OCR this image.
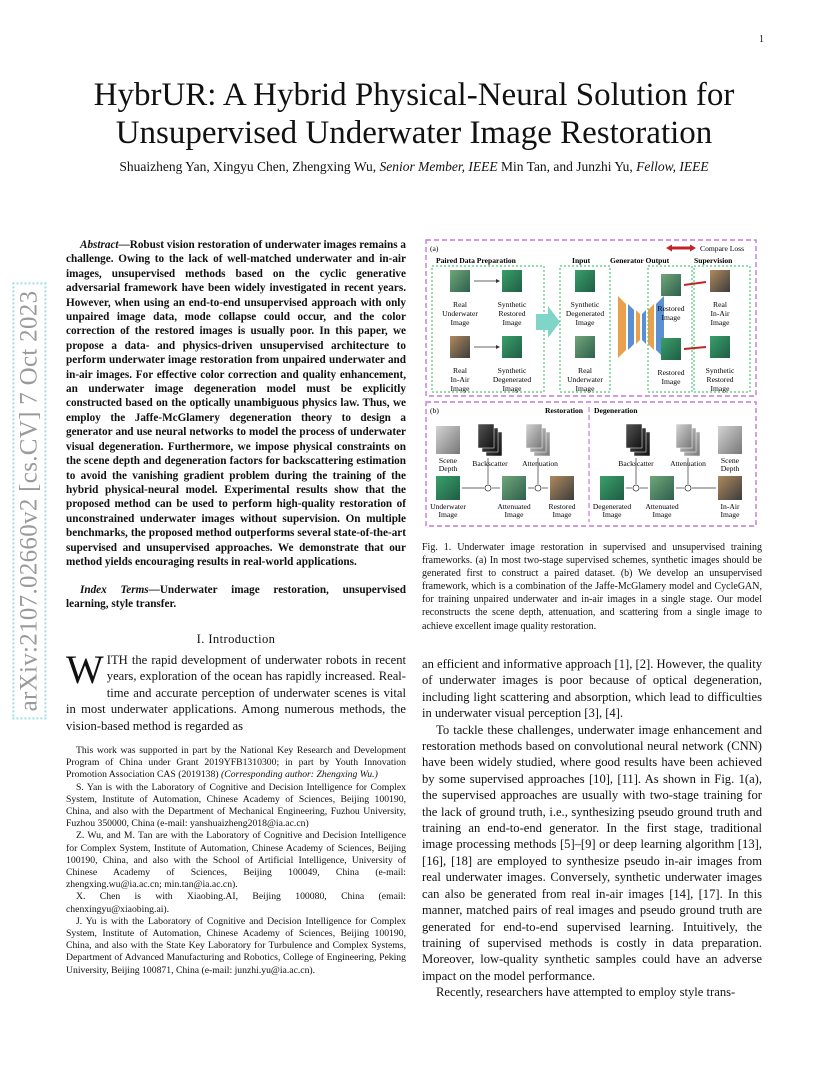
1
arXiv:2107.02660v2 [cs.CV] 7 Oct 2023
HybrUR: A Hybrid Physical-Neural Solution for
Unsupervised Underwater Image Restoration
Shuaizheng Yan, Xingyu Chen, Zhengxing Wu, Senior Member, IEEE Min Tan, and Junzhi Yu, Fellow, IEEE
Abstract—Robust vision restoration of underwater images remains a challenge. Owing to the lack of well-matched underwater and in-air images, unsupervised methods based on the cyclic generative adversarial framework have been widely investigated in recent years. However, when using an end-to-end unsupervised approach with only unpaired image data, mode collapse could occur, and the color correction of the restored images is usually poor. In this paper, we propose a data- and physics-driven unsupervised architecture to perform underwater image restoration from unpaired underwater and in-air images. For effective color correction and quality enhancement, an underwater image degeneration model must be explicitly constructed based on the optically unambiguous physics law. Thus, we employ the Jaffe-McGlamery degeneration theory to design a generator and use neural networks to model the process of underwater visual degeneration. Furthermore, we impose physical constraints on the scene depth and degeneration factors for backscattering estimation to avoid the vanishing gradient problem during the training of the hybrid physical-neural model. Experimental results show that the proposed method can be used to perform high-quality restoration of unconstrained underwater images without supervision. On multiple benchmarks, the proposed method outperforms several state-of-the-art supervised and unsupervised approaches. We demonstrate that our method yields encouraging results in real-world applications.
Index Terms—Underwater image restoration, unsupervised learning, style transfer.
I. Introduction
WITH the rapid development of underwater robots in recent years, exploration of the ocean has rapidly increased. Real-time and accurate perception of underwater scenes is vital in most underwater applications. Among numerous methods, the vision-based method is regarded as

This work was supported in part by the National Key Research and Development Program of China under Grant 2019YFB1310300; in part by Youth Innovation Promotion Association CAS (2019138) (Corresponding author: Zhengxing Wu.)

S. Yan is with the Laboratory of Cognitive and Decision Intelligence for Complex System, Institute of Automation, Chinese Academy of Sciences, Beijing 100190, China, and also with the Department of Mechanical Engineering, Fuzhou University, Fuzhou 350000, China (e-mail: yanshuaizheng2018@ia.ac.cn)

Z. Wu, and M. Tan are with the Laboratory of Cognitive and Decision Intelligence for Complex System, Institute of Automation, Chinese Academy of Sciences, Beijing 100190, China, and also with the School of Artificial Intelligence, University of Chinese Academy of Sciences, Beijing 100049, China (e-mail: zhengxing.wu@ia.ac.cn; min.tan@ia.ac.cn).

X. Chen is with Xiaobing.AI, Beijing 100080, China (email: chenxingyu@xiaobing.ai).

J. Yu is with the Laboratory of Cognitive and Decision Intelligence for Complex System, Institute of Automation, Chinese Academy of Sciences, Beijing 100190, China, and also with the State Key Laboratory for Turbulence and Complex Systems, Department of Advanced Manufacturing and Robotics, College of Engineering, Peking University, Beijing 100871, China (e-mail: junzhi.yu@ia.ac.cn).

(a)	Compare Loss
Paired Data Preparation	Input	Generator Output	Supervision
Real
Underwater
Image
Synthetic
Restored
Image
Real
In-Air
Image
Synthetic
Degenerated
Image
Synthetic
Degenerated
Image
Real
Underwater
Image
Restored
Image
Restored
Image
Real
In-Air
Image
Synthetic
Restored
Image
(b)	Restoration Degeneration
Scene
Depth
Backscatter Attenuation
Underwater
Image
Attenuated
Image
Restored
Image
Backscatter Attenuation Scene
Depth
Degenerated
Image
Attenuated
Image
In-Air
Image
Fig. 1. Underwater image restoration in supervised and unsupervised training frameworks. (a) In most two-stage supervised schemes, synthetic images should be generated first to construct a paired dataset. (b) We develop an unsupervised framework, which is a combination of the Jaffe-McGlamery model and CycleGAN, for training unpaired underwater and in-air images in a single stage. Our model reconstructs the scene depth, attenuation, and scattering from a single image to achieve excellent image quality restoration.

an efficient and informative approach [1], [2]. However, the quality of underwater images is poor because of optical degeneration, including light scattering and absorption, which lead to difficulties in underwater visual perception [3], [4].

To tackle these challenges, underwater image enhancement and restoration methods based on convolutional neural network (CNN) have been widely studied, where good results have been achieved by some supervised approaches [10], [11]. As shown in Fig. 1(a), the supervised approaches are usually with two-stage training for the lack of ground truth, i.e., synthesizing pseudo ground truth and training an end-to-end generator. In the first stage, traditional image processing methods [5]–[9] or deep learning algorithm [13], [16], [18] are employed to synthesize pseudo in-air images from real underwater images. Conversely, synthetic underwater images can also be generated from real in-air images [14], [17]. In this manner, matched pairs of real images and pseudo ground truth are generated for end-to-end supervised learning. Intuitively, the training of supervised methods is costly in data preparation. Moreover, low-quality synthetic samples could have an adverse impact on the model performance.

Recently, researchers have attempted to employ style trans-
